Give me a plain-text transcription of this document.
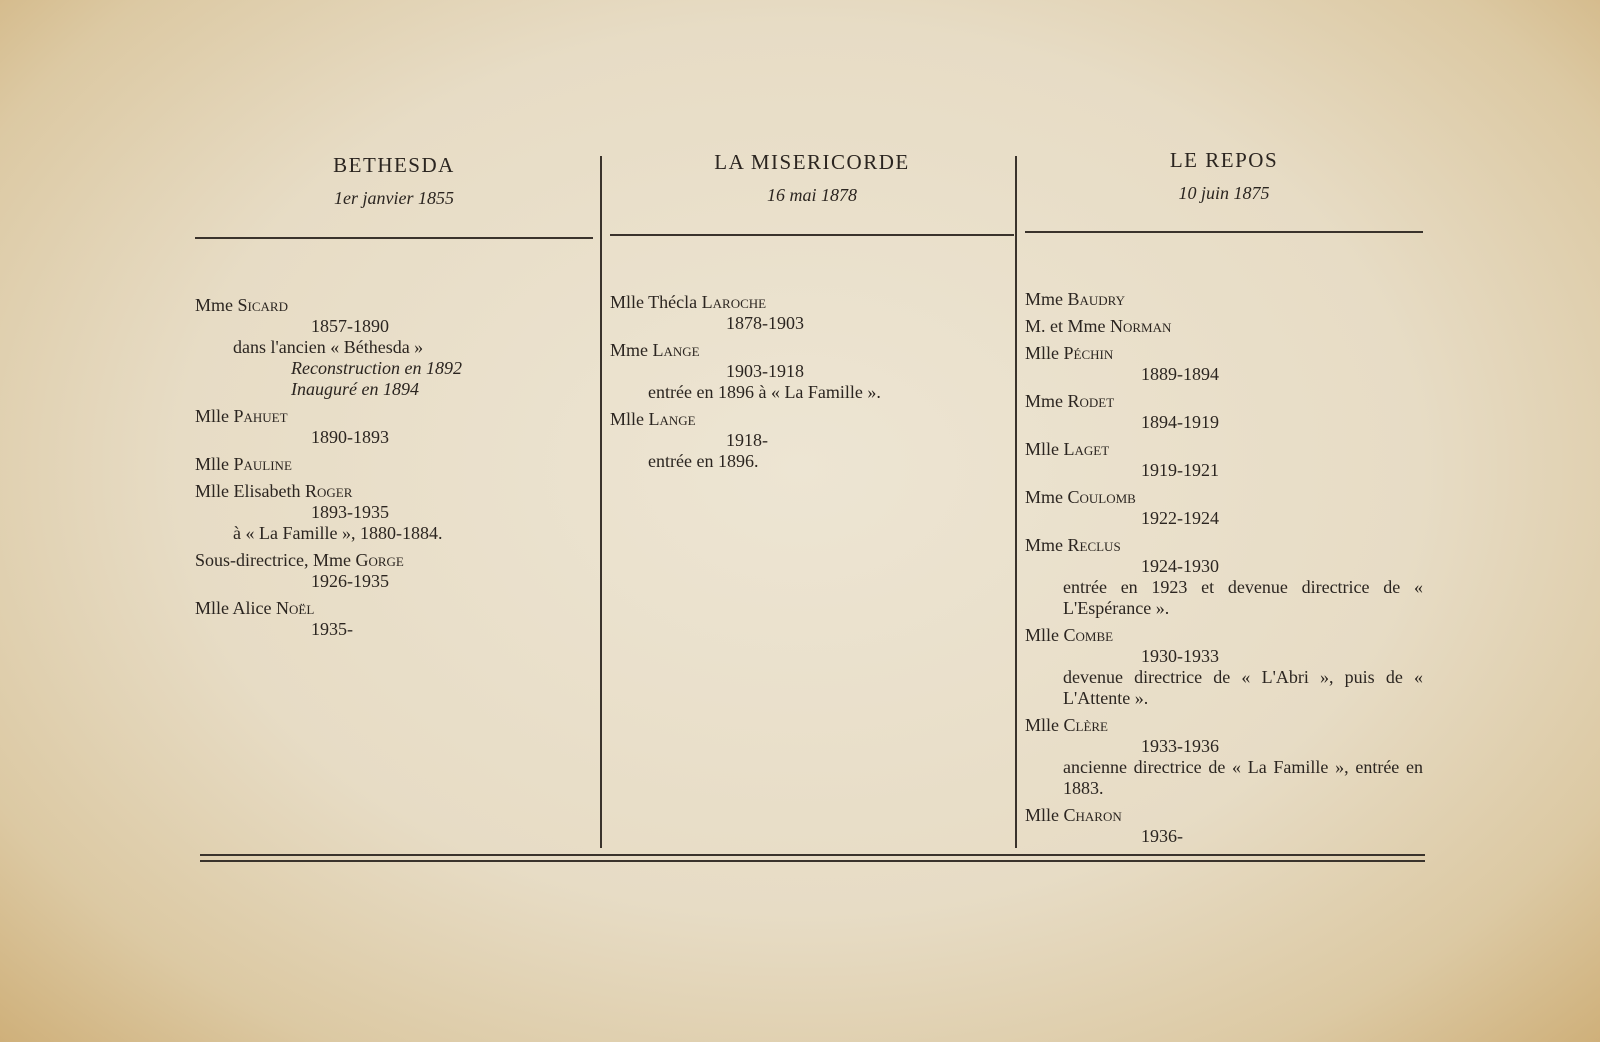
BETHESDA
1er janvier 1855
Mme Sicard
1857-1890
dans l'ancien « Béthesda »
Reconstruction en 1892
Inauguré en 1894
Mlle Pahuet
1890-1893
Mlle Pauline
Mlle Elisabeth Roger
1893-1935
à « La Famille », 1880-1884.
Sous-directrice, Mme Gorge
1926-1935
Mlle Alice Noël
1935-
LA MISERICORDE
16 mai 1878
Mlle Thécla Laroche
1878-1903
Mme Lange
1903-1918
entrée en 1896 à « La Famille ».
Mlle Lange
1918-
entrée en 1896.
LE REPOS
10 juin 1875
Mme Baudry
M. et Mme Norman
Mlle Péchin
1889-1894
Mme Rodet
1894-1919
Mlle Laget
1919-1921
Mme Coulomb
1922-1924
Mme Reclus
1924-1930
entrée en 1923 et devenue directrice de « L'Espérance ».
Mlle Combe
1930-1933
devenue directrice de « L'Abri », puis de « L'Attente ».
Mlle Clère
1933-1936
ancienne directrice de « La Famille », entrée en 1883.
Mlle Charon
1936-
